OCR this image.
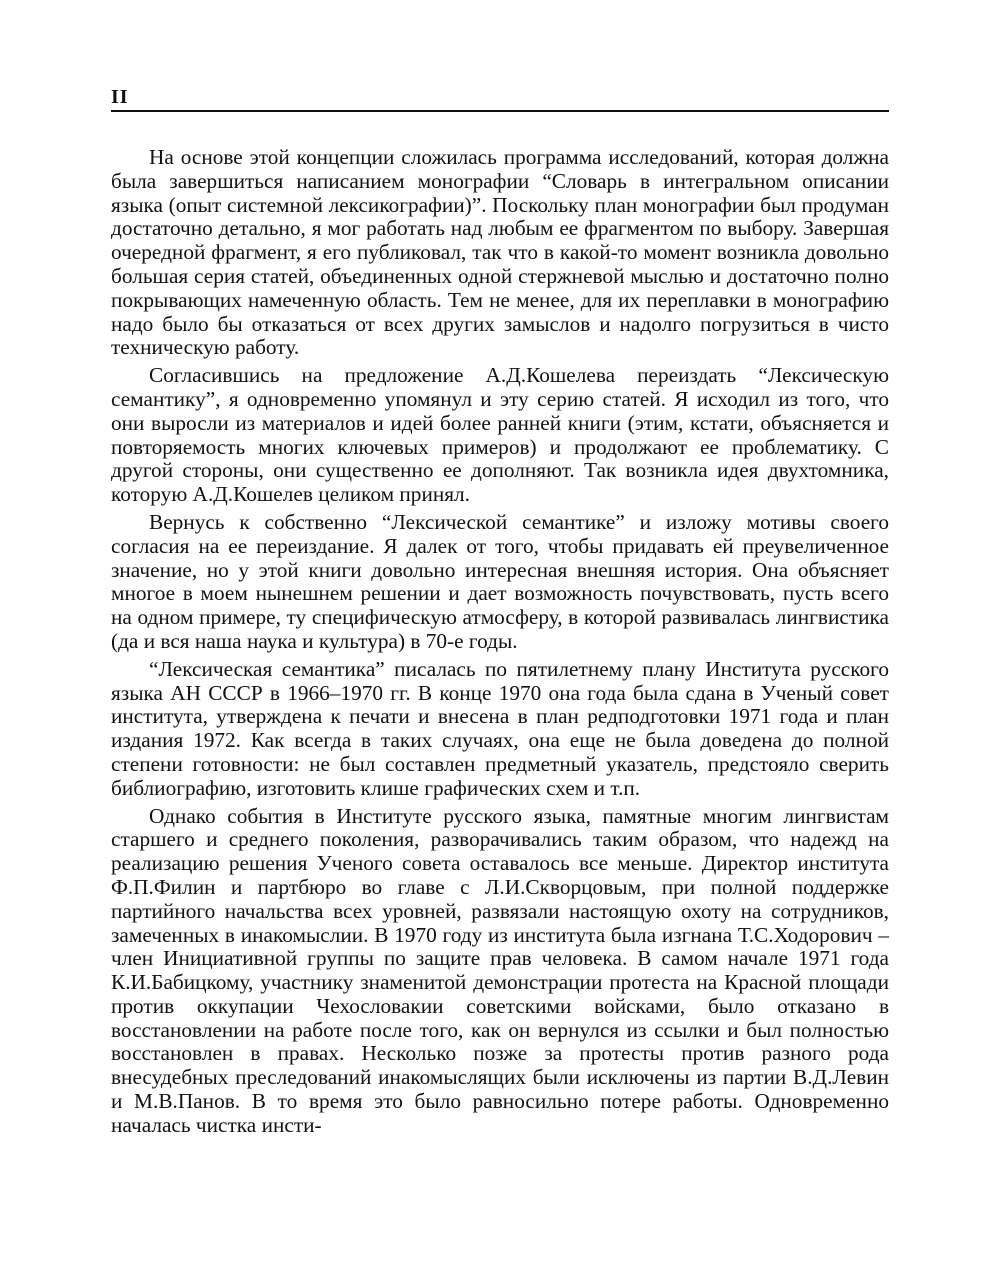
II

На основе этой концепции сложилась программа исследований, которая должна была завершиться написанием монографии “Словарь в интегральном описании языка (опыт системной лексикографии)”. Поскольку план монографии был продуман достаточно детально, я мог работать над любым ее фрагментом по выбору. Завершая очередной фрагмент, я его публиковал, так что в какой-то момент возникла довольно большая серия статей, объединенных одной стержневой мыслью и достаточно полно покрывающих намеченную область. Тем не менее, для их переплавки в монографию надо было бы отказаться от всех других замыслов и надолго погрузиться в чисто техническую работу.

Согласившись на предложение А.Д.Кошелева переиздать “Лексическую семантику”, я одновременно упомянул и эту серию статей. Я исходил из того, что они выросли из материалов и идей более ранней книги (этим, кстати, объясняется и повторяемость многих ключевых примеров) и продолжают ее проблематику. С другой стороны, они существенно ее дополняют. Так возникла идея двухтомника, которую А.Д.Кошелев целиком принял.

Вернусь к собственно “Лексической семантике” и изложу мотивы своего согласия на ее переиздание. Я далек от того, чтобы придавать ей преувеличенное значение, но у этой книги довольно интересная внешняя история. Она объясняет многое в моем нынешнем решении и дает возможность почувствовать, пусть всего на одном примере, ту специфическую атмосферу, в которой развивалась лингвистика (да и вся наша наука и культура) в 70-е годы.

“Лексическая семантика” писалась по пятилетнему плану Института русского языка АН СССР в 1966–1970 гг. В конце 1970 она года была сдана в Ученый совет института, утверждена к печати и внесена в план редподготовки 1971 года и план издания 1972. Как всегда в таких случаях, она еще не была доведена до полной степени готовности: не был составлен предметный указатель, предстояло сверить библиографию, изготовить клише графических схем и т.п.

Однако события в Институте русского языка, памятные многим лингвистам старшего и среднего поколения, разворачивались таким образом, что надежд на реализацию решения Ученого совета оставалось все меньше. Директор института Ф.П.Филин и партбюро во главе с Л.И.Скворцовым, при полной поддержке партийного начальства всех уровней, развязали настоящую охоту на сотрудников, замеченных в инакомыслии. В 1970 году из института была изгнана Т.С.Ходорович – член Инициативной группы по защите прав человека. В самом начале 1971 года К.И.Бабицкому, участнику знаменитой демонстрации протеста на Красной площади против оккупации Чехословакии советскими войсками, было отказано в восстановлении на работе после того, как он вернулся из ссылки и был полностью восстановлен в правах. Несколько позже за протесты против разного рода внесудебных преследований инакомыслящих были исключены из партии В.Д.Левин и М.В.Панов. В то время это было равносильно потере работы. Одновременно началась чистка инсти-
